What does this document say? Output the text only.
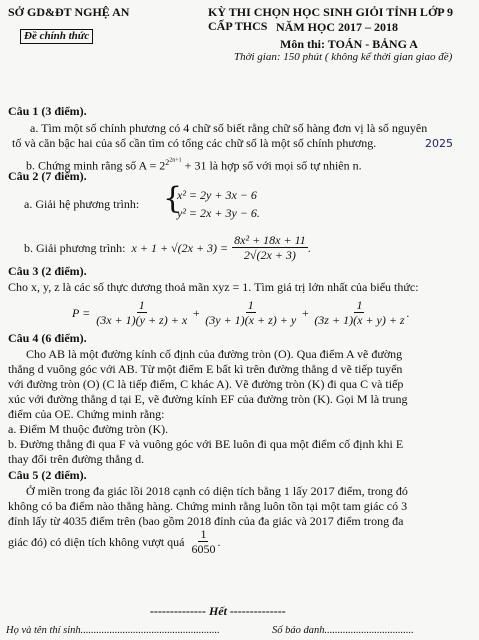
SỞ GD&ĐT NGHỆ AN
Đề chính thức
KỲ THI CHỌN HỌC SINH GIỎI TỈNH LỚP 9 CẤP THCS NĂM HỌC 2017 – 2018
Môn thi: TOÁN - BẢNG A
Thời gian: 150 phút ( không kể thời gian giao đề)
Câu 1 (3 điểm).
a. Tìm một số chính phương có 4 chữ số biết rằng chữ số hàng đơn vị là số nguyên
tố và căn bậc hai của số cần tìm có tổng các chữ số là một số chính phương.	2025
b. Chứng minh rằng số $A = 2^{2^{2n+1}} + 31$ là hợp số với mọi số tự nhiên n.
Câu 2 (7 điểm).
a. Giải hệ phương trình: {
x² = 2y + 3x − 6
y² = 2x + 3y − 6.
b. Giải phương trình: $x + 1 + √(2x + 3) = \frac{\text{8x² + 18x + 11}}{2√(2x + 3)}$ .
Câu 3 (2 điểm).
Cho x, y, z là các số thực dương thoả mãn xyz = 1. Tìm giá trị lớn nhất của biểu thức:
$P = \frac{1}{(3x + 1)(y + z) + x} + \frac{1}{(3y + 1)(x + z) + y} + \frac{1}{(3z + 1)(x + y) + z}$ .
Câu 4 (6 điểm).
Cho AB là một đường kính cố định của đường tròn (O). Qua điểm A vẽ đường
thẳng d vuông góc với AB. Từ một điểm E bất kì trên đường thẳng d vẽ tiếp tuyến
với đường tròn (O) (C là tiếp điểm, C khác A). Vẽ đường tròn (K) đi qua C và tiếp
xúc với đường thẳng d tại E, vẽ đường kính EF của đường tròn (K). Gọi M là trung
điểm của OE. Chứng minh rằng:
a. Điểm M thuộc đường tròn (K).
b. Đường thẳng đi qua F và vuông góc với BE luôn đi qua một điểm cố định khi E
thay đổi trên đường thẳng d.
Câu 5 (2 điểm).
Ở miền trong đa giác lồi 2018 cạnh có diện tích bằng 1 lấy 2017 điểm, trong đó
không có ba điểm nào thẳng hàng. Chứng minh rằng luôn tồn tại một tam giác có 3
đỉnh lấy từ 4035 điểm trên (bao gồm 2018 đỉnh của đa giác và 2017 điểm trong đa
giác đó) có diện tích không vượt quá $\frac{1}{6050}$ .
-------------- Hết --------------
Họ và tên thí sinh.....................................................	Số báo danh..................................
